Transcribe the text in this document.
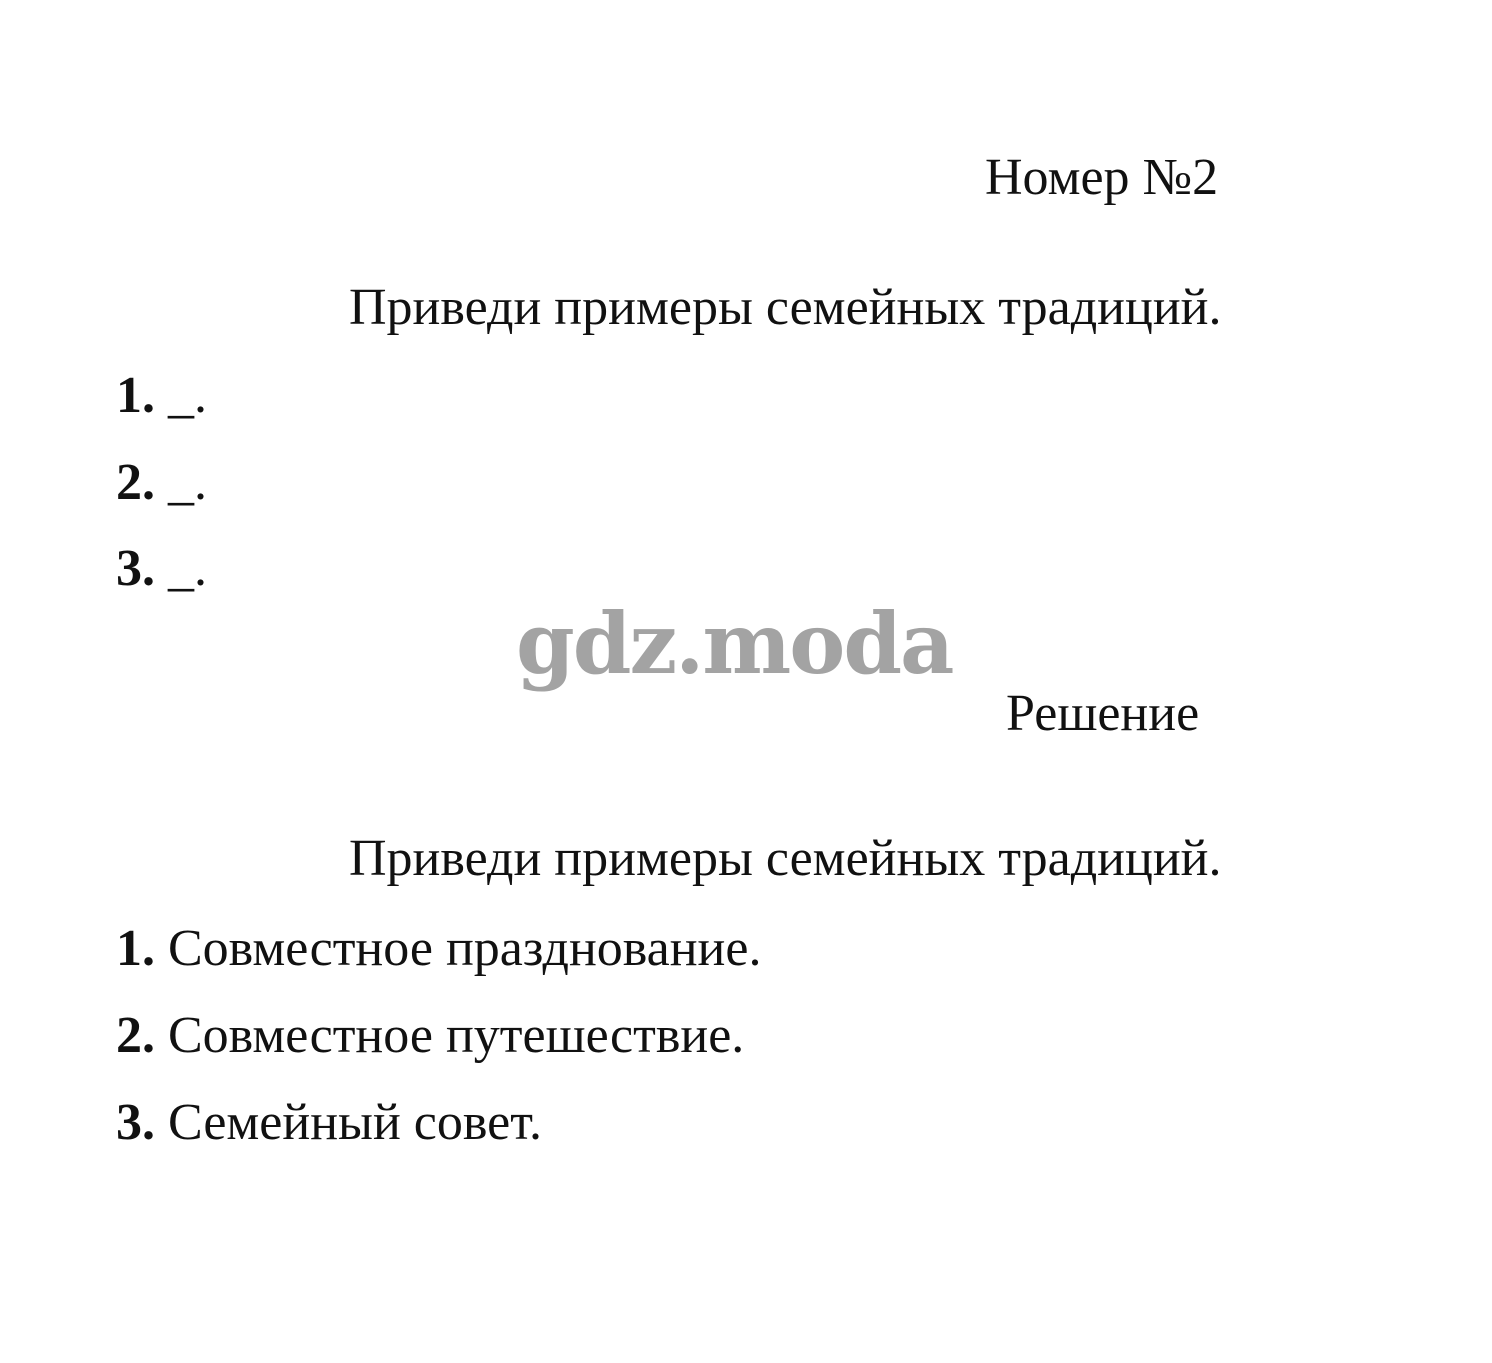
Номер №2
Приведи примеры семейных традиций.
1. _.
2. _.
3. _.
gdz.moda
Решение
Приведи примеры семейных традиций.
1. Совместное празднование.
2. Совместное путешествие.
3. Семейный совет.
